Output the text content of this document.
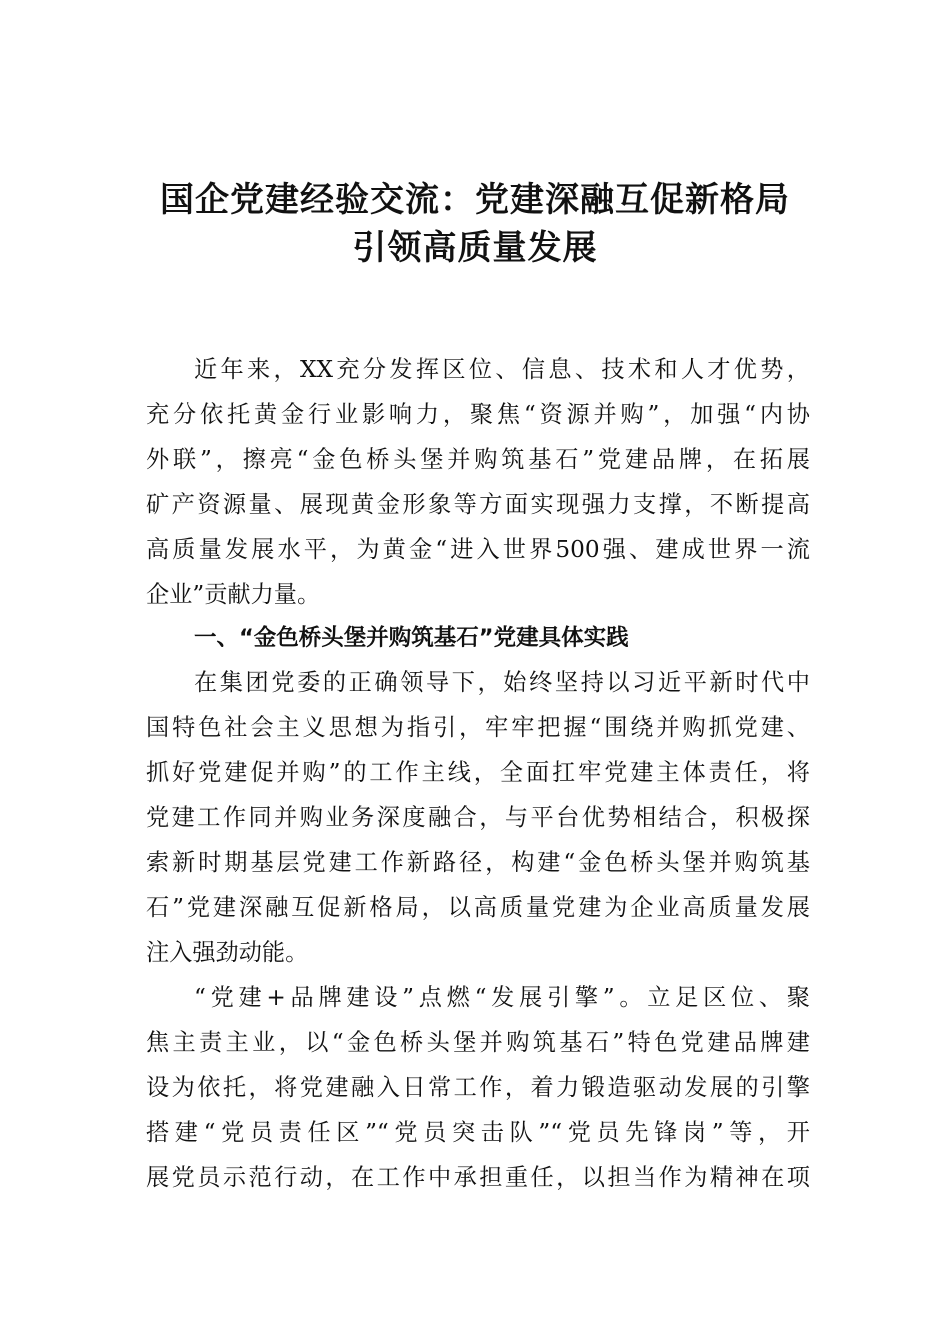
国企党建经验交流：党建深融互促新格局
引领高质量发展
近年来，XX充分发挥区位、信息、技术和人才优势，
充分依托黄金行业影响力，聚焦“资源并购”，加强“内协
外联”，擦亮“金色桥头堡并购筑基石”党建品牌，在拓展
矿产资源量、展现黄金形象等方面实现强力支撑，不断提高
高质量发展水平，为黄金“进入世界500强、建成世界一流
企业”贡献力量。
一、“金色桥头堡并购筑基石”党建具体实践
在集团党委的正确领导下，始终坚持以习近平新时代中
国特色社会主义思想为指引，牢牢把握“围绕并购抓党建、
抓好党建促并购”的工作主线，全面扛牢党建主体责任，将
党建工作同并购业务深度融合，与平台优势相结合，积极探
索新时期基层党建工作新路径，构建“金色桥头堡并购筑基
石”党建深融互促新格局，以高质量党建为企业高质量发展
注入强劲动能。
“党建+品牌建设”点燃“发展引擎”。立足区位、聚
焦主责主业，以“金色桥头堡并购筑基石”特色党建品牌建
设为依托，将党建融入日常工作，着力锻造驱动发展的引擎
搭建“党员责任区”“党员突击队”“党员先锋岗”等，开
展党员示范行动，在工作中承担重任，以担当作为精神在项
